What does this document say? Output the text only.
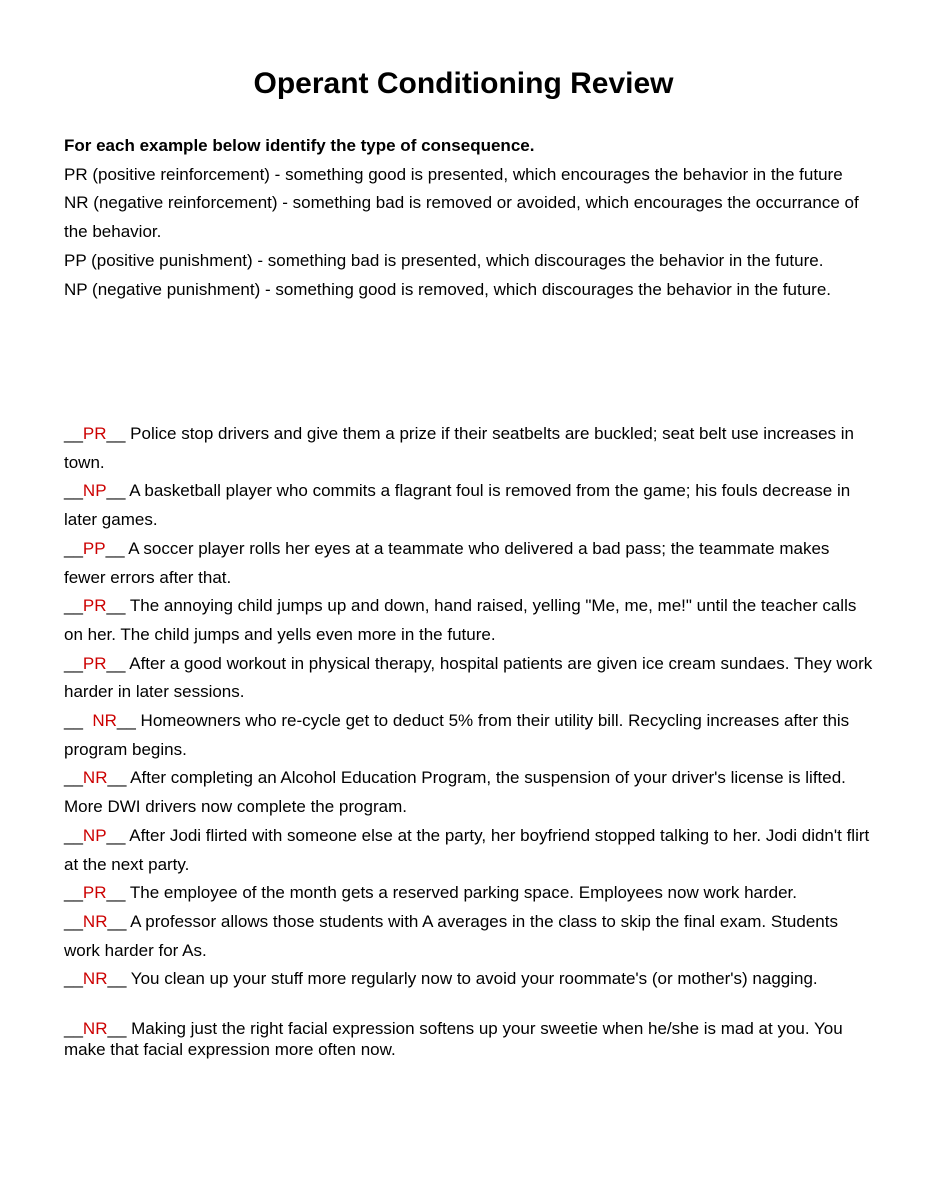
Operant Conditioning Review

For each example below identify the type of consequence.

PR (positive reinforcement) - something good is presented, which encourages the behavior in the future

NR (negative reinforcement) - something bad is removed or avoided, which encourages the occurrance of the behavior.

PP (positive punishment) - something bad is presented, which discourages the behavior in the future.

NP (negative punishment) - something good is removed, which discourages the behavior in the future.

__PR__ Police stop drivers and give them a prize if their seatbelts are buckled; seat belt use increases in town.

__NP__ A basketball player who commits a flagrant foul is removed from the game; his fouls decrease in later games.

__PP__ A soccer player rolls her eyes at a teammate who delivered a bad pass; the teammate makes fewer errors after that.

__PR__ The annoying child jumps up and down, hand raised, yelling "Me, me, me!" until the teacher calls on her. The child jumps and yells even more in the future.

__PR__ After a good workout in physical therapy, hospital patients are given ice cream sundaes. They work harder in later sessions.

__  NR__ Homeowners who re-cycle get to deduct 5% from their utility bill. Recycling increases after this program begins.

__NR__ After completing an Alcohol Education Program, the suspension of your driver's license is lifted. More DWI drivers now complete the program.

__NP__ After Jodi flirted with someone else at the party, her boyfriend stopped talking to her. Jodi didn't flirt at the next party.

__PR__ The employee of the month gets a reserved parking space. Employees now work harder.

__NR__ A professor allows those students with A averages in the class to skip the final exam. Students work harder for As.

__NR__ You clean up your stuff more regularly now to avoid your roommate's (or mother's) nagging.

__NR__ Making just the right facial expression softens up your sweetie when he/she is mad at you. You make that facial expression more often now.
